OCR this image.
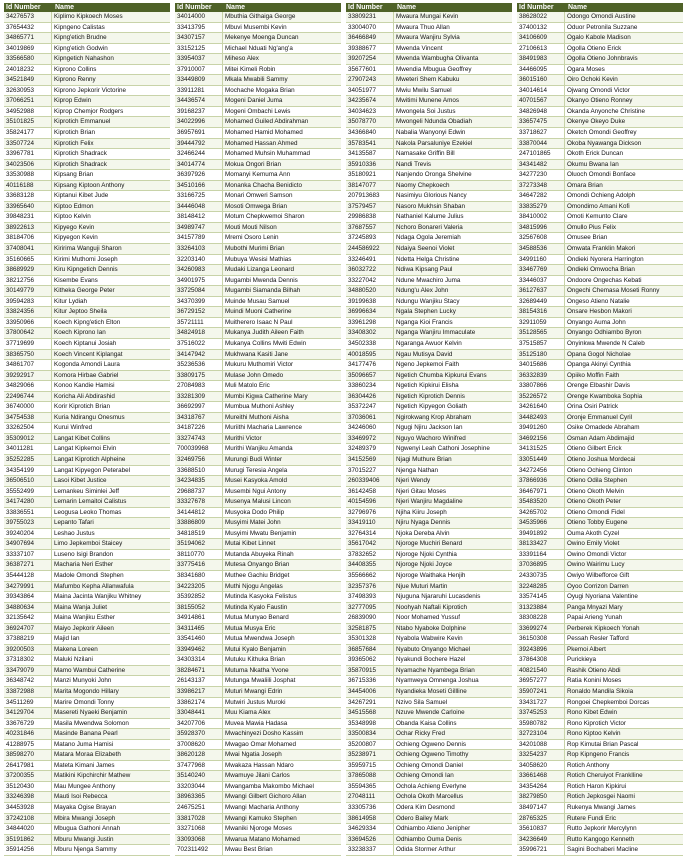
Id Number	Name
34276573	Kiplimo Kipkoech Moses
37654432	Kipngeno Calistas
34865771	Kipng'etich Brudne
34019869	Kipng'etich Godwin
33566580	Kipngetich Nahashon
24018232	Kiprono Collins
34521849	Kiprono Renny
32630953	Kiprono Jepkorir Victorine
37066251	Kiprop Edwin
34952988	Kiprop Chemjor Rodgers
35101825	Kiprotich Emmanuel
35824177	Kiprotich Brian
33507724	Kiprotich Felix
33967781	Kiprotich Shadrack
34023506	Kiprotich Shadrack
33530988	Kipsang Brian
40116188	Kipsang Kiptoon Anthony
33683128	Kiptanui Kibet Jude
33965640	Kiptoo Edmon
39848231	Kiptoo Kelvin
38922613	Kipyego Kevin
38184706	Kipyegon Kevin
37408041	Kiririma Wanguji Sharon
35160665	Kirimi Muthomi Joseph
38689929	Kiru Kipngetich Dennis
38212756	Kisembe Evans
30149779	Kitheka George Peter
39594283	Kitur Lydiah
33824356	Kitur Jeptoo Sheila
33950966	Koech Kipng'etich Elton
37800642	Koech Kiprono Ian
37719699	Koech Kiptanui Josiah
38365750	Koech Vincent Kiplangat
34861707	Kogonda Amondi Laura
39292917	Komora Hirbae Gabriel
34829066	Konoo Kandie Hamisi
22496744	Koricha Ali Abdirashid
36740000	Korir Kiprotich Brian
34754538	Kuria Ndirangu Onesmus
33262504	Kurui Winfred
35309012	Langat Kibet Collins
34011281	Langat Kipkemoi Elvin
35252285	Langat Kiprotich Alpheine
34354199	Langat Kipyegon Peterabel
36506510	Lasoi Kibet Justice
35552499	Lemankeu Siminlei Jeff
34174280	Lemarin Lemaitoi Calistus
33836551	Leogusa Leoko Thomas
39755023	Lepanto Tafari
39240204	Leshao Justus
34907694	Limo Jepkemboi Staicey
33337107	Luseno Isigi Brandon
36387271	Macharia Neri Esther
35444128	Madole Omondi Stephen
34279991	Mafumbo Kepha Allanwafula
39343864	Maina Jacinta Wanjiku Whitney
34880634	Maina Wanja Juliet
32135642	Maina Wanjiku Esther
36924707	Maiyo Jepkorir Aileen
37388219	Majid Ian
39200503	Makena Loreen
37318302	Maluki Nzilani
33479079	Mamo Wambui Catherine
36348742	Manzi Munyoki John
33872988	Marita Mogondo Hillary
34511269	Marire Omondi Tonny
34129704	Masereti Nyaeki Benjamin
33676729	Masila Mwendwa Solomon
40231846	Masinde Banana Pearl
41288975	Matano Juma Hamisi
38598270	Matara Moraa Elizabeth
26417981	Mateta Kimani James
37200355	Matikini Kipchirchir Mathew
35120430	Mau Mungee Anthony
33246398	Mauti Isoi Rebecca
34453928	Mayaka Ogise Brayan
37242108	Mbira Mwangi Joseph
34844020	Mbugua Gathoni Annah
35191862	Mburu Mwangi Justin
35914256	Mburu Njenga Sammy
Id Number	Name
34014000	Mbuthia Githaiga George
33413795	Mbuvi Musembi Kevin
34307157	Mekenye Moenga Duncan
33152125	Michael Nduati Ng'ang'a
33954037	Miheso Alex
37910007	Mitei Kimeli Robin
33449809	Mkala Mwabili Sammy
33911281	Mochache Mogaka Brian
34436574	Mogeni Daniel Juma
39168237	Mogeni Ombachi Lewis
34022996	Mohamed Guiled Abdirahman
36957691	Mohamed Hamid Mohamed
39444792	Mohamed Hassan Ahmed
32466244	Mohamed Muhsin Muhammad
34014774	Mokua Ongori Brian
36397926	Momanyi Kemuma Ann
34510166	Monanka Chacha Benidicto
33166725	Monari Omweri Samson
34446048	Mosoti Omwega Brian
38148412	Motum Chepkwemoi Sharon
34989747	Mouti Mouti Nilson
34157789	Mremi Osoro Lenin
33264103	Mubothi Murimi Brian
32203140	Mubuya Wesisi Mathias
34260983	Mudaki Lizanga Leonard
34901975	Mugambi Mwenda Dennis
33725084	Mugambi Siamanda Bilhah
34370399	Muinde Musau Samuel
36729152	Muindi Muoni Catherine
35721111	Muitherero Isaac N Paul
34824918	Mukanya Judith Aileen Faith
37516022	Mukanya Collins Mwiti Edwin
34147942	Mukhwana Kasiti Jane
35236536	Mukuru Muthomiri Victor
33809175	Mulase John Omedo
27084983	Muli Matolo Eric
33281309	Mumbi Kigwa Catherine Mary
36692997	Mumbua Muthoni Ashley
34318767	Mureithi Muthoni Aisha
34187226	Muriithi Macharia Lawrence
33274743	Murithi Victor
700039968	Murithi Wanjiku Amanda
32469756	Murungi Budi Winter
33688510	Murugi Teresia Angela
34234835	Musei Kasyoka Amold
29688737	Musembi Ngui Antony
33327678	Musenya Malusi Lincon
34144812	Musyoka Dodo Philip
33886809	Musyimi Matei John
34818519	Musyimi Mwatu Benjamin
35194062	Mutai Kibet Linnet
38110770	Mutanda Abuyeka Rinah
33775416	Mutesa Onyango Brian
38341680	Muthee Gachiu Bridget
34223205	Muthi Njogu Angelas
35392852	Mutinda Kasyoka Felistus
38155052	Mutinda Kyalo Faustin
34914861	Mutua Munyao Benard
34311465	Mutua Musya Eric
33541460	Mutua Mwendwa Joseph
33949462	Mutui Kyalo Benjamin
34303314	Mutuku Kithuka Brian
38284671	Mutuma Nkatha Yvone
26143137	Mutunga Mwaliili Josphat
33986217	Muturi Mwangi Edrin
33862174	Mutwiri Justus Muroki
33048441	Muu Kiama Alex
34207706	Muvea Mawia Hadasa
35928370	Mwachinyezi Dosho Kassim
37008620	Mwagao Omar Mohamed
38620128	Mwai Ngatia Joseph
37477968	Mwakaza Hassan Ndaro
35140240	Mwamuye Jilani Carlos
33203044	Mwangamba Makombo Michael
38963365	Mwangi Gilbert Gichoro Allan
24675251	Mwangi Macharia Anthony
33817028	Mwangi Kamuko Stephen
33271068	Mwaniki Njoroge Moses
33093068	Mwarua Matano Mohamed
702311492	Mwau Best Brian
Id Number	Name
33809231	Mwaura Mungai Kevin
33004070	Mwaura Thuo Allan
36466849	Mwaura Wanjiru Sylvia
39388677	Mwenda Vincent
39207254	Mwenda Wambugha Olivanta
35677601	Mwendia Mbugua Geoffrey
27907243	Mweteri Shem Kabuku
34051977	Mwiu Mwilu Samuel
34235674	Mwitimi Munene Amos
34034623	Mwongela Soi Justus
35078770	Mwongeli Ndunda Obadiah
34366840	Nabalia Wanyonyi Edwin
35783541	Nakola Parsaluniye Ezekiel
34135587	Namasake Griffin Bill
35910336	Nandi Trevis
35180921	Nanjendo Oronga Shelvine
38147077	Naomy Chepkoech
207913683	Nasimiyu Glorious Nancy
37579457	Nasoro Mukhsin Shaban
29986838	Nathaniel Kalume Julius
37687557	Nchoro Bonareri Valeria
37245893	Ndaga Ogola Jeremiah
244586922	Ndaiya Seenoi Violet
33246491	Ndetta Helga Christine
36032722	Ndiwa Kipsang Paul
33227042	Ndune Mwachiro Juma
34880520	Ndung'u Alex John
39199638	Ndungu Wanjiku Stacy
36996634	Ngala Stephen Lucky
33961298	Nganga Kioi Francis
33408302	Nganga Wanjiru Immaculate
34502338	Ngaranga Awuor Kelvin
40018595	Ngau Mutisya David
34177476	Ngeno Jepkemoi Faith
35096657	Ngetich Chumba Kipkurui Evans
33860234	Ngetich Kipkirui Elisha
36304426	Ngetich Kiprotich Dennis
35372247	Ngetich Kipyegon Goliath
37036061	Ngirokwang Krop Abraham
34246060	Ngugi Njiru Jackson Ian
33469972	Nguyo Wachoro Winifred
32489379	Ngwenyi Leah Cathoni Josephine
34152569	Njagi Muthure Brian
37015227	Njenga Nathan
260339406	Njeri Wendy
36142458	Njeri Gitau Moses
40154596	Njeri Wanjiru Magdaline
32796976	Njiha Kiiru Joseph
33419110	Njiru Nyaga Dennis
32764314	Njoka Dereba Alvin
35617042	Njoroge Muchiri Benard
37832652	Njoroge Njoki Cynthia
34408355	Njoroge Njoki Joyce
35566662	Njoroge Waithaka Henjih
32357376	Njue Muturi Martin
37498393	Njuguna Njararuhi Lucasdenis
32777095	Noohyah Naftali Kiprotich
26839090	Noor Mohamed Yussuf
32581875	Ntabo Nyaboke Dolphine
35301328	Nyabola Wabwire Kevin
36857684	Nyabuto Onyango Michael
39365062	Nyakundi Bochere Hazel
35870915	Nyamache Nyambega Brian
36715336	Nyamweya Omnenga Joshua
34454006	Nyandieka Moseti Gillline
34267291	Nzivo Sila Samuel
34515568	Nzuve Mwende Carloine
35348998	Obanda Kaisa Collins
33500834	Ochar Ricky Fred
35200807	Ochieng Ogweno Dennis
35238971	Ochieng Ogweno Timothy
35959715	Ochieng Omondi Daniel
37865088	Ochieng Omondi Ian
35594365	Ochola Achieng Everlyne
27048111	Ochola Okoth Marcellus
33305736	Odera Kim Desmond
38614958	Odero Bailey Mark
34629334	Odhiambo Atieno Jenipher
33694526	Odhiambo Ouma Denis
33238337	Odida Stormer Arthur
Id Number	Name
38628022	Odongo Omondi Austine
37400132	Oduor Petronila Suzzane
34106609	Ogalo Kabole Madison
27106613	Ogolla Otieno Erick
38491983	Ogolla Otieno Johnbravis
34466095	Ogara Moses
36015160	Oiro Ochoki Kevin
34014614	Ojwang Omondi Victor
40701567	Okanyo Otieno Ronney
34826948	Okanda Anyonche Christine
33657475	Okenye Okeyo Duke
33718627	Oketch Omondi Geoffrey
33870044	Okoba Nyawanga Dickson
247101865	Okoth Erick Duncan
34341482	Okumu Bwana Ian
34277230	Oluoch Omondi Bonface
37273348	Omara Brian
34647282	Omondi Ochieng Adolph
33835279	Omondimo Amani Kofi
38410002	Omoti Kemunto Clare
34815996	Omullo Pius Felix
32567608	Omusee Brian
34588536	Omwata Franklin Makori
34991160	Ondieki Nyorera Harrington
33467769	Ondieki Omwocha Brian
33446037	Ondoore Ongechas Kebati
36127637	Ongechi Chemasa Moseti Ronny
32689449	Ongeso Atieno Natalie
38154316	Onsare Hesbon Makori
32911059	Onyango Auma John
35128565	Onyango Odhiambo Byron
37515857	Onyinkwa Mwende N Caleb
35125180	Opana Gogol Nicholae
34015686	Opanga Akinyi Cynthia
36332839	Opiiko Moffin Faith
33807866	Orenge Elbashir Davis
35226572	Orenge Kwamboka Sophia
34261640	Orina Osiri Patrick
34482493	Oronje Emmanuel Cyril
39491260	Osike Omadede Abraham
34692156	Osman Adam Abdimajid
34131525	Otieno Gilbert Erick
33051449	Otieno Joshua Mordecai
34272456	Otieno Ochieng Clinton
37866936	Otieno Odila Stephen
36467971	Otieno Okoth Melvin
35483520	Otieno Okoth Peter
34265702	Otieno Omondi Fidel
34535966	Otieno Tobby Eugene
39491892	Ouma Akoth Cyzel
38133427	Owino Emily Violet
33391164	Owino Omondi Victor
37036895	Owino Wairimu Lucy
24330735	Owiyo Wilbefforce Gift
32248285	Oyoo Corrizon Darren
33574145	Oyugi Nyoriana Valentine
31323884	Panga Mnyazi Mary
38308228	Papai Arieng Yunah
33699274	Perberek Kipkoech Yonah
36150308	Pessah Resler Tafford
39243896	Pkemoi Albert
37864308	Purickieya
40821540	Rashik Otieno Abdi
36957277	Ratia Konini Moses
35907241	Ronaldo Mandila Sikoia
33431727	Rongoei Chepkemboi Dorcas
33745253	Rono Kibet Edwin
35980782	Rono Kiprotich Victor
32723104	Rono Kiptoo Kelvin
34201088	Rop Kimutai Brian Pascal
33254237	Rop Kipngeno Francis
34058620	Rotich Anthony
33661468	Rotich Cheruiyot Franklline
34354264	Rotich Haron Kipkirui
38279850	Rotich Jepkosgei Naomi
38497147	Rukenya Mwangi James
28765325	Rutere Fundi Eric
35610837	Rutto Jepkorir Mercylynn
34236649	Rutto Kangogo Kenneth
35996721	Sagini Bochaberi Macline
